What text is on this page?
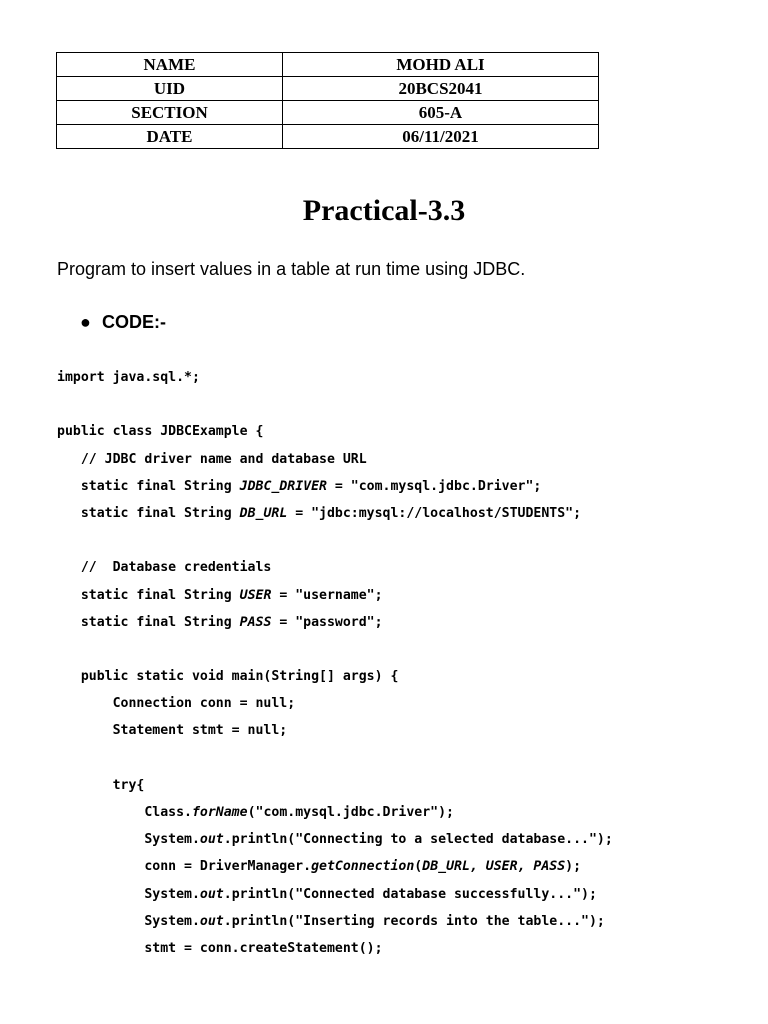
NAME	MOHD ALI
UID	20BCS2041
SECTION	605-A
DATE	06/11/2021
Practical-3.3

Program to insert values in a table at run time using JDBC.

● CODE:-

import java.sql.*;
public class JDBCExample {
// JDBC driver name and database URL
static final String JDBC_DRIVER = "com.mysql.jdbc.Driver";
static final String DB_URL = "jdbc:mysql://localhost/STUDENTS";
//  Database credentials
static final String USER = "username";
static final String PASS = "password";
public static void main(String[] args) {
Connection conn = null;
Statement stmt = null;
try{
Class.forName("com.mysql.jdbc.Driver");
System.out.println("Connecting to a selected database...");
conn = DriverManager.getConnection(DB_URL, USER, PASS);
System.out.println("Connected database successfully...");
System.out.println("Inserting records into the table...");
stmt = conn.createStatement();
